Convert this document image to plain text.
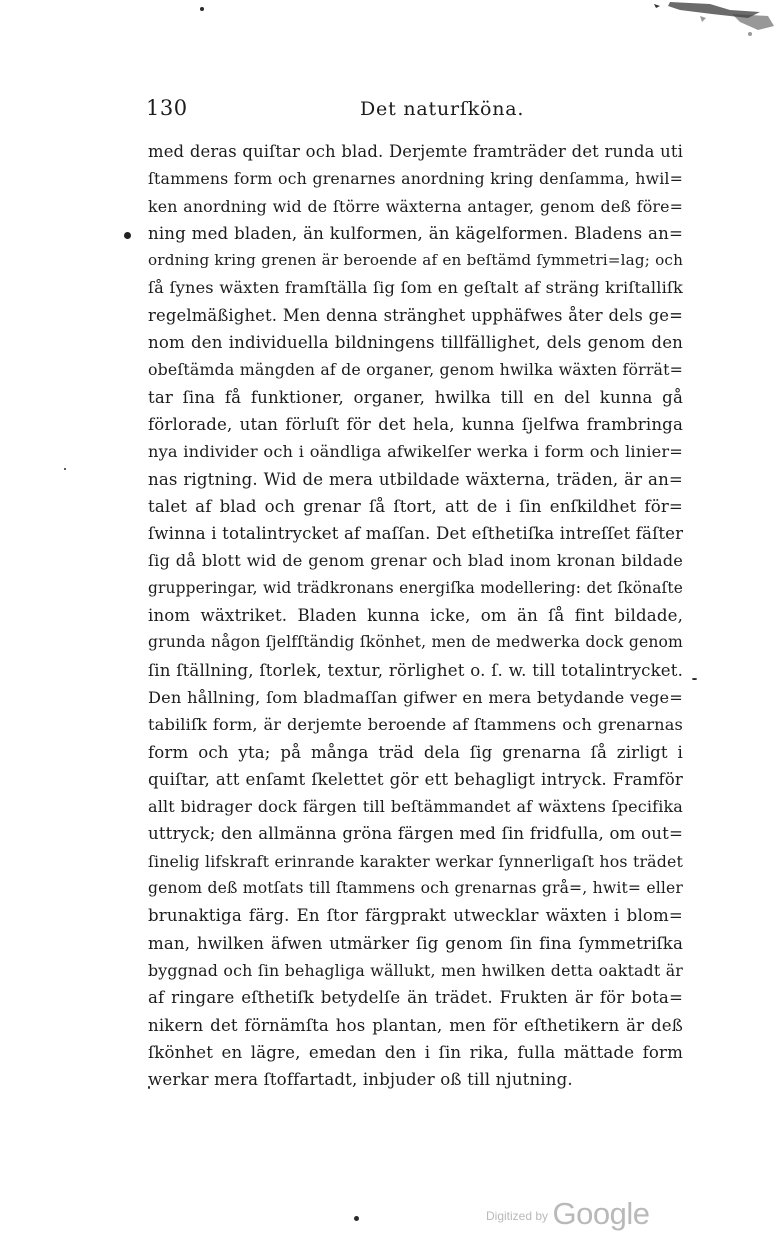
130	Det naturſköna.
med deras quiſtar och blad. Derjemte framträder det runda uti
ſtammens form och grenarnes anordning kring denſamma, hwil=
ken anordning wid de ſtörre wäxterna antager, genom deß före=
ning med bladen, än kulformen, än kägelformen. Bladens an=
ordning kring grenen är beroende af en beſtämd ſymmetri=lag; och
ſå ſynes wäxten framſtälla ſig ſom en geſtalt af sträng kriſtalliſk
regelmäßighet. Men denna stränghet upphäfwes åter dels ge=
nom den individuella bildningens tillfällighet, dels genom den
obeſtämda mängden af de organer, genom hwilka wäxten förrät=
tar ſina få funktioner, organer, hwilka till en del kunna gå
förlorade, utan förluſt för det hela, kunna ſjelfwa frambringa
nya individer och i oändliga afwikelſer werka i form och linier=
nas rigtning. Wid de mera utbildade wäxterna, träden, är an=
talet af blad och grenar ſå ſtort, att de i ſin enſkildhet för=
ſwinna i totalintrycket af maſſan. Det eſthetiſka intreſſet fäſter
ſig då blott wid de genom grenar och blad inom kronan bildade
grupperingar, wid trädkronans energiſka modellering: det ſkönaſte
inom wäxtriket. Bladen kunna icke, om än ſå fint bildade,
grunda någon ſjelfſtändig ſkönhet, men de medwerka dock genom
ſin ſtällning, ſtorlek, textur, rörlighet o. ſ. w. till totalintrycket.
Den hållning, ſom bladmaſſan gifwer en mera betydande vege=
tabiliſk form, är derjemte beroende af ſtammens och grenarnas
form och yta; på många träd dela ſig grenarna ſå zirligt i
quiſtar, att enſamt ſkelettet gör ett behagligt intryck. Framför
allt bidrager dock färgen till beſtämmandet af wäxtens ſpecifika
uttryck; den allmänna gröna färgen med ſin fridfulla, om out=
ſinelig lifskraft erinrande karakter werkar ſynnerligaſt hos trädet
genom deß motſats till ſtammens och grenarnas grå=, hwit= eller
brunaktiga färg. En ſtor färgprakt utwecklar wäxten i blom=
man, hwilken äfwen utmärker ſig genom ſin fina ſymmetriſka
byggnad och ſin behagliga wällukt, men hwilken detta oaktadt är
af ringare eſthetiſk betydelſe än trädet. Frukten är för bota=
nikern det förnämſta hos plantan, men för eſthetikern är deß
ſkönhet en lägre, emedan den i ſin rika, fulla mättade form
werkar mera ſtoffartadt, inbjuder oß till njutning.
$^{Digitized by}$ Google
